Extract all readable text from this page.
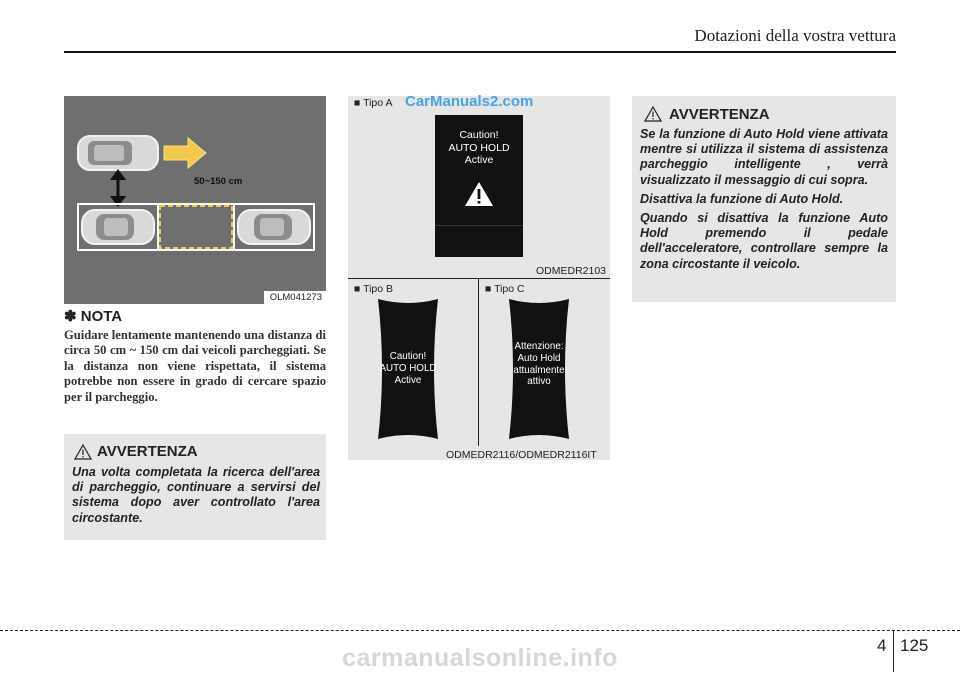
Dotazioni della vostra vettura
50~150 cm
OLM041273
✽ NOTA
Guidare lentamente mantenendo una distanza di circa 50 cm ~ 150 cm dai veicoli parcheggiati. Se la distanza non viene rispettata, il sistema potrebbe non essere in grado di cercare spazio per il parcheggio.
AVVERTENZA

Una volta completata la ricerca dell'area di parcheggio, continuare a servirsi del sistema dopo aver controllato l'area circostante.

■ Tipo A CarManuals2.com
Caution!
AUTO HOLD
Active
ODMEDR2103
■ Tipo B	■ Tipo C
Caution!
AUTO HOLD
Active
Attenzione:
Auto Hold
attualmente
attivo
ODMEDR2116/ODMEDR2116IT
AVVERTENZA

Se la funzione di Auto Hold viene attivata mentre si utilizza il sistema di assistenza parcheggio intelligente , verrà visualizzato il messaggio di cui sopra.

Disattiva la funzione di Auto Hold.

Quando si disattiva la funzione Auto Hold premendo il pedale dell'acceleratore, controllare sempre la zona circostante il veicolo.

4 125
carmanualsonline.info
